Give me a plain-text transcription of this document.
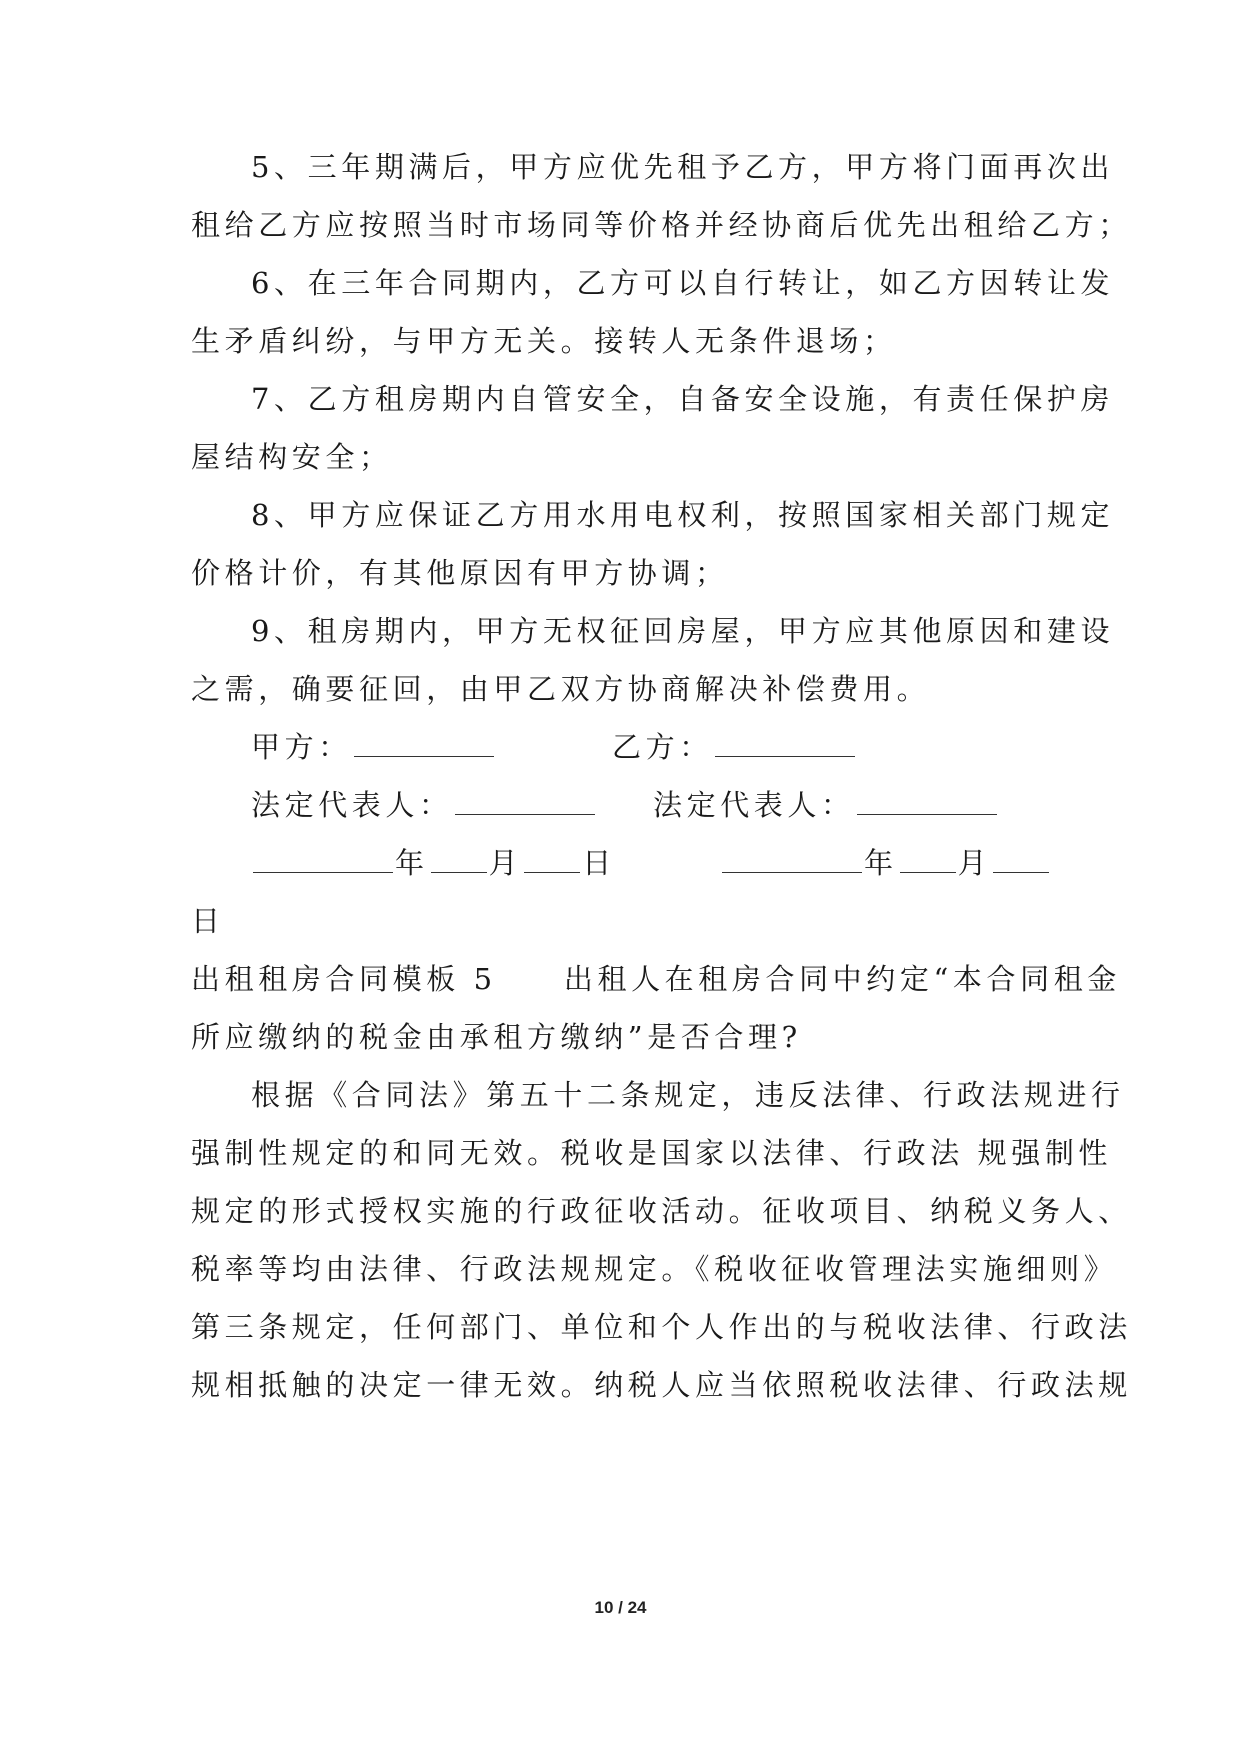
5、三年期满后，甲方应优先租予乙方，甲方将门面再次出
租给乙方应按照当时市场同等价格并经协商后优先出租给乙方；
6、在三年合同期内，乙方可以自行转让，如乙方因转让发
生矛盾纠纷，与甲方无关。接转人无条件退场；
7、乙方租房期内自管安全，自备安全设施，有责任保护房
屋结构安全；
8、甲方应保证乙方用水用电权利，按照国家相关部门规定
价格计价，有其他原因有甲方协调；
9、租房期内，甲方无权征回房屋，甲方应其他原因和建设
之需，确要征回，由甲乙双方协商解决补偿费用。
甲方：	乙方：
法定代表人：	法定代表人：
年 月 日	年 月
日
出租租房合同模板 5　　出租人在租房合同中约定“本合同租金
所应缴纳的税金由承租方缴纳”是否合理?
根据《合同法》第五十二条规定，违反法律、行政法规进行
强制性规定的和同无效。税收是国家以法律、行政法 规强制性
规定的形式授权实施的行政征收活动。征收项目、纳税义务人、
税率等均由法律、行政法规规定。《税收征收管理法实施细则》
第三条规定，任何部门、单位和个人作出的与税收法律、行政法
规相抵触的决定一律无效。纳税人应当依照税收法律、行政法规
10 / 24
